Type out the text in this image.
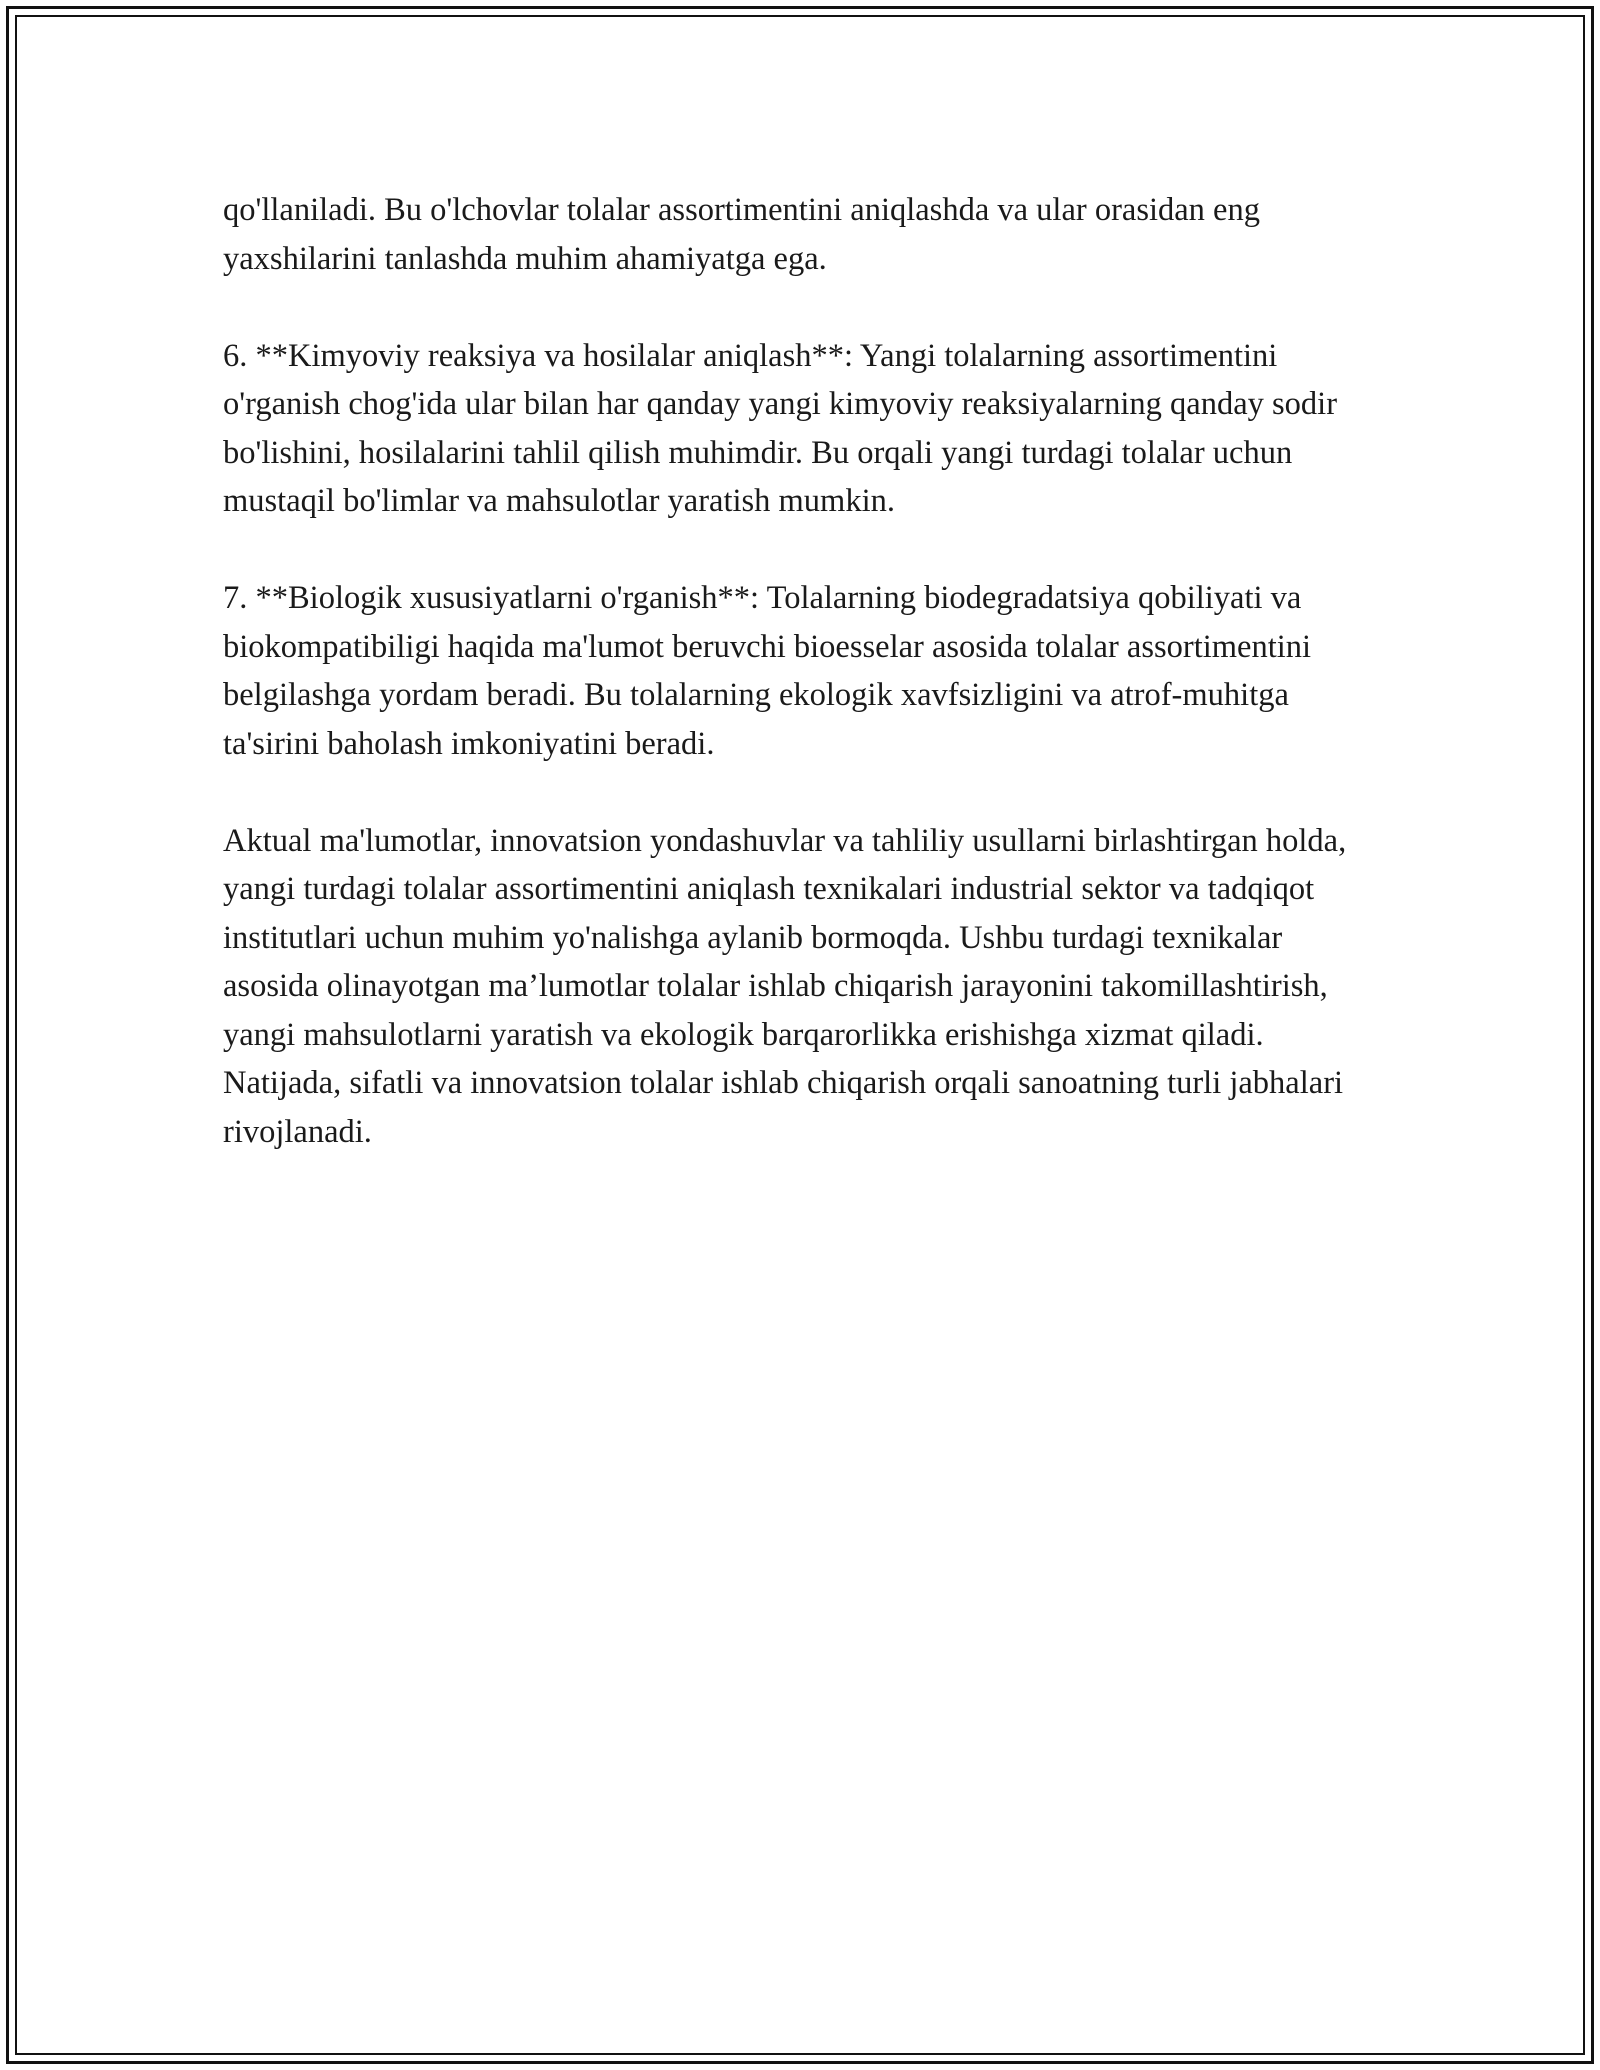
qo'llaniladi. Bu o'lchovlar tolalar assortimentini aniqlashda va ular orasidan eng yaxshilarini tanlashda muhim ahamiyatga ega.

6. **Kimyoviy reaksiya va hosilalar aniqlash**: Yangi tolalarning assortimentini o'rganish chog'ida ular bilan har qanday yangi kimyoviy reaksiyalarning qanday sodir bo'lishini, hosilalarini tahlil qilish muhimdir. Bu orqali yangi turdagi tolalar uchun mustaqil bo'limlar va mahsulotlar yaratish mumkin.

7. **Biologik xususiyatlarni o'rganish**: Tolalarning biodegradatsiya qobiliyati va biokompatibiligi haqida ma'lumot beruvchi bioesselar asosida tolalar assortimentini belgilashga yordam beradi. Bu tolalarning ekologik xavfsizligini va atrof-muhitga ta'sirini baholash imkoniyatini beradi.

Aktual ma'lumotlar, innovatsion yondashuvlar va tahliliy usullarni birlashtirgan holda, yangi turdagi tolalar assortimentini aniqlash texnikalari industrial sektor va tadqiqot institutlari uchun muhim yo'nalishga aylanib bormoqda. Ushbu turdagi texnikalar asosida olinayotgan ma’lumotlar tolalar ishlab chiqarish jarayonini takomillashtirish, yangi mahsulotlarni yaratish va ekologik barqarorlikka erishishga xizmat qiladi. Natijada, sifatli va innovatsion tolalar ishlab chiqarish orqali sanoatning turli jabhalari rivojlanadi.
